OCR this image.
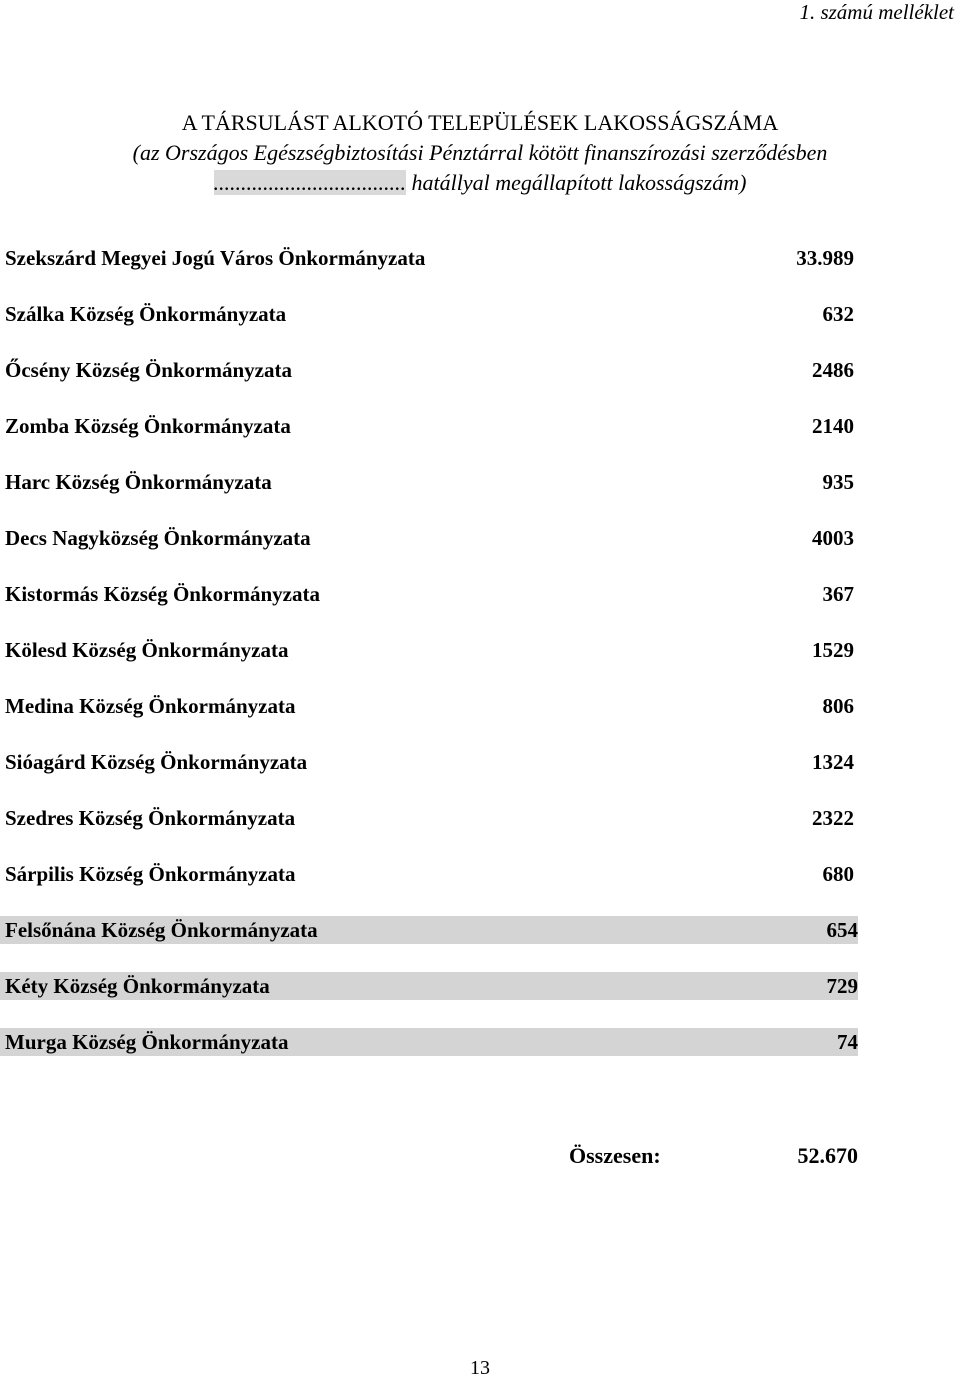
1. számú melléklet
A TÁRSULÁST ALKOTÓ TELEPÜLÉSEK LAKOSSÁGSZÁMA
(az Országos Egészségbiztosítási Pénztárral kötött finanszírozási szerződésben
................................... hatállyal megállapított lakosságszám)
Szekszárd Megyei Jogú Város Önkormányzata	33.989
Szálka Község Önkormányzata	632
Őcsény Község Önkormányzata	2486
Zomba Község Önkormányzata	2140
Harc Község Önkormányzata	935
Decs Nagyközség Önkormányzata	4003
Kistormás Község Önkormányzata	367
Kölesd Község Önkormányzata	1529
Medina Község Önkormányzata	806
Sióagárd Község Önkormányzata	1324
Szedres Község Önkormányzata	2322
Sárpilis Község Önkormányzata	680
Felsőnána Község Önkormányzata	654
Kéty Község Önkormányzata	729
Murga Község Önkormányzata	74
Összesen:	52.670
13
